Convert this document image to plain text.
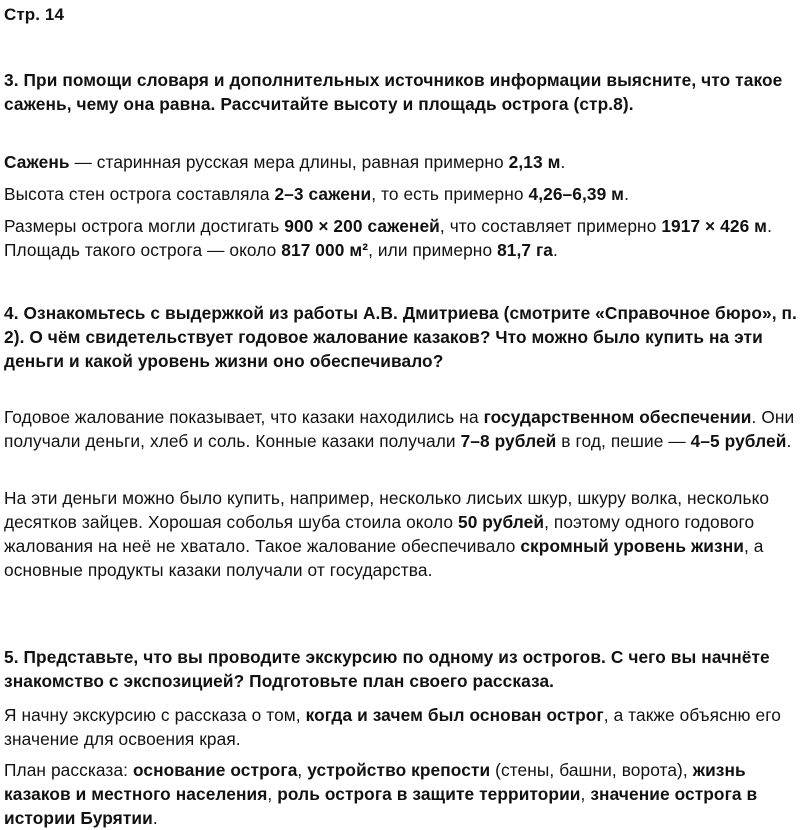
Стр. 14

3. При помощи словаря и дополнительных источников информации выясните, что такое сажень, чему она равна. Рассчитайте высоту и площадь острога (стр.8).

Сажень — старинная русская мера длины, равная примерно 2,13 м.

Высота стен острога составляла 2–3 сажени, то есть примерно 4,26–6,39 м.

Размеры острога могли достигать 900 × 200 саженей, что составляет примерно 1917 × 426 м. Площадь такого острога — около 817 000 м², или примерно 81,7 га.

4. Ознакомьтесь с выдержкой из работы А.В. Дмитриева (смотрите «Справочное бюро», п. 2). О чём свидетельствует годовое жалование казаков? Что можно было купить на эти деньги и какой уровень жизни оно обеспечивало?

Годовое жалование показывает, что казаки находились на государственном обеспечении. Они получали деньги, хлеб и соль. Конные казаки получали 7–8 рублей в год, пешие — 4–5 рублей.

На эти деньги можно было купить, например, несколько лисьих шкур, шкуру волка, несколько десятков зайцев. Хорошая соболья шуба стоила около 50 рублей, поэтому одного годового жалования на неё не хватало. Такое жалование обеспечивало скромный уровень жизни, а основные продукты казаки получали от государства.

5. Представьте, что вы проводите экскурсию по одному из острогов. С чего вы начнёте знакомство с экспозицией? Подготовьте план своего рассказа.

Я начну экскурсию с рассказа о том, когда и зачем был основан острог, а также объясню его значение для освоения края.

План рассказа: основание острога, устройство крепости (стены, башни, ворота), жизнь казаков и местного населения, роль острога в защите территории, значение острога в истории Бурятии.
